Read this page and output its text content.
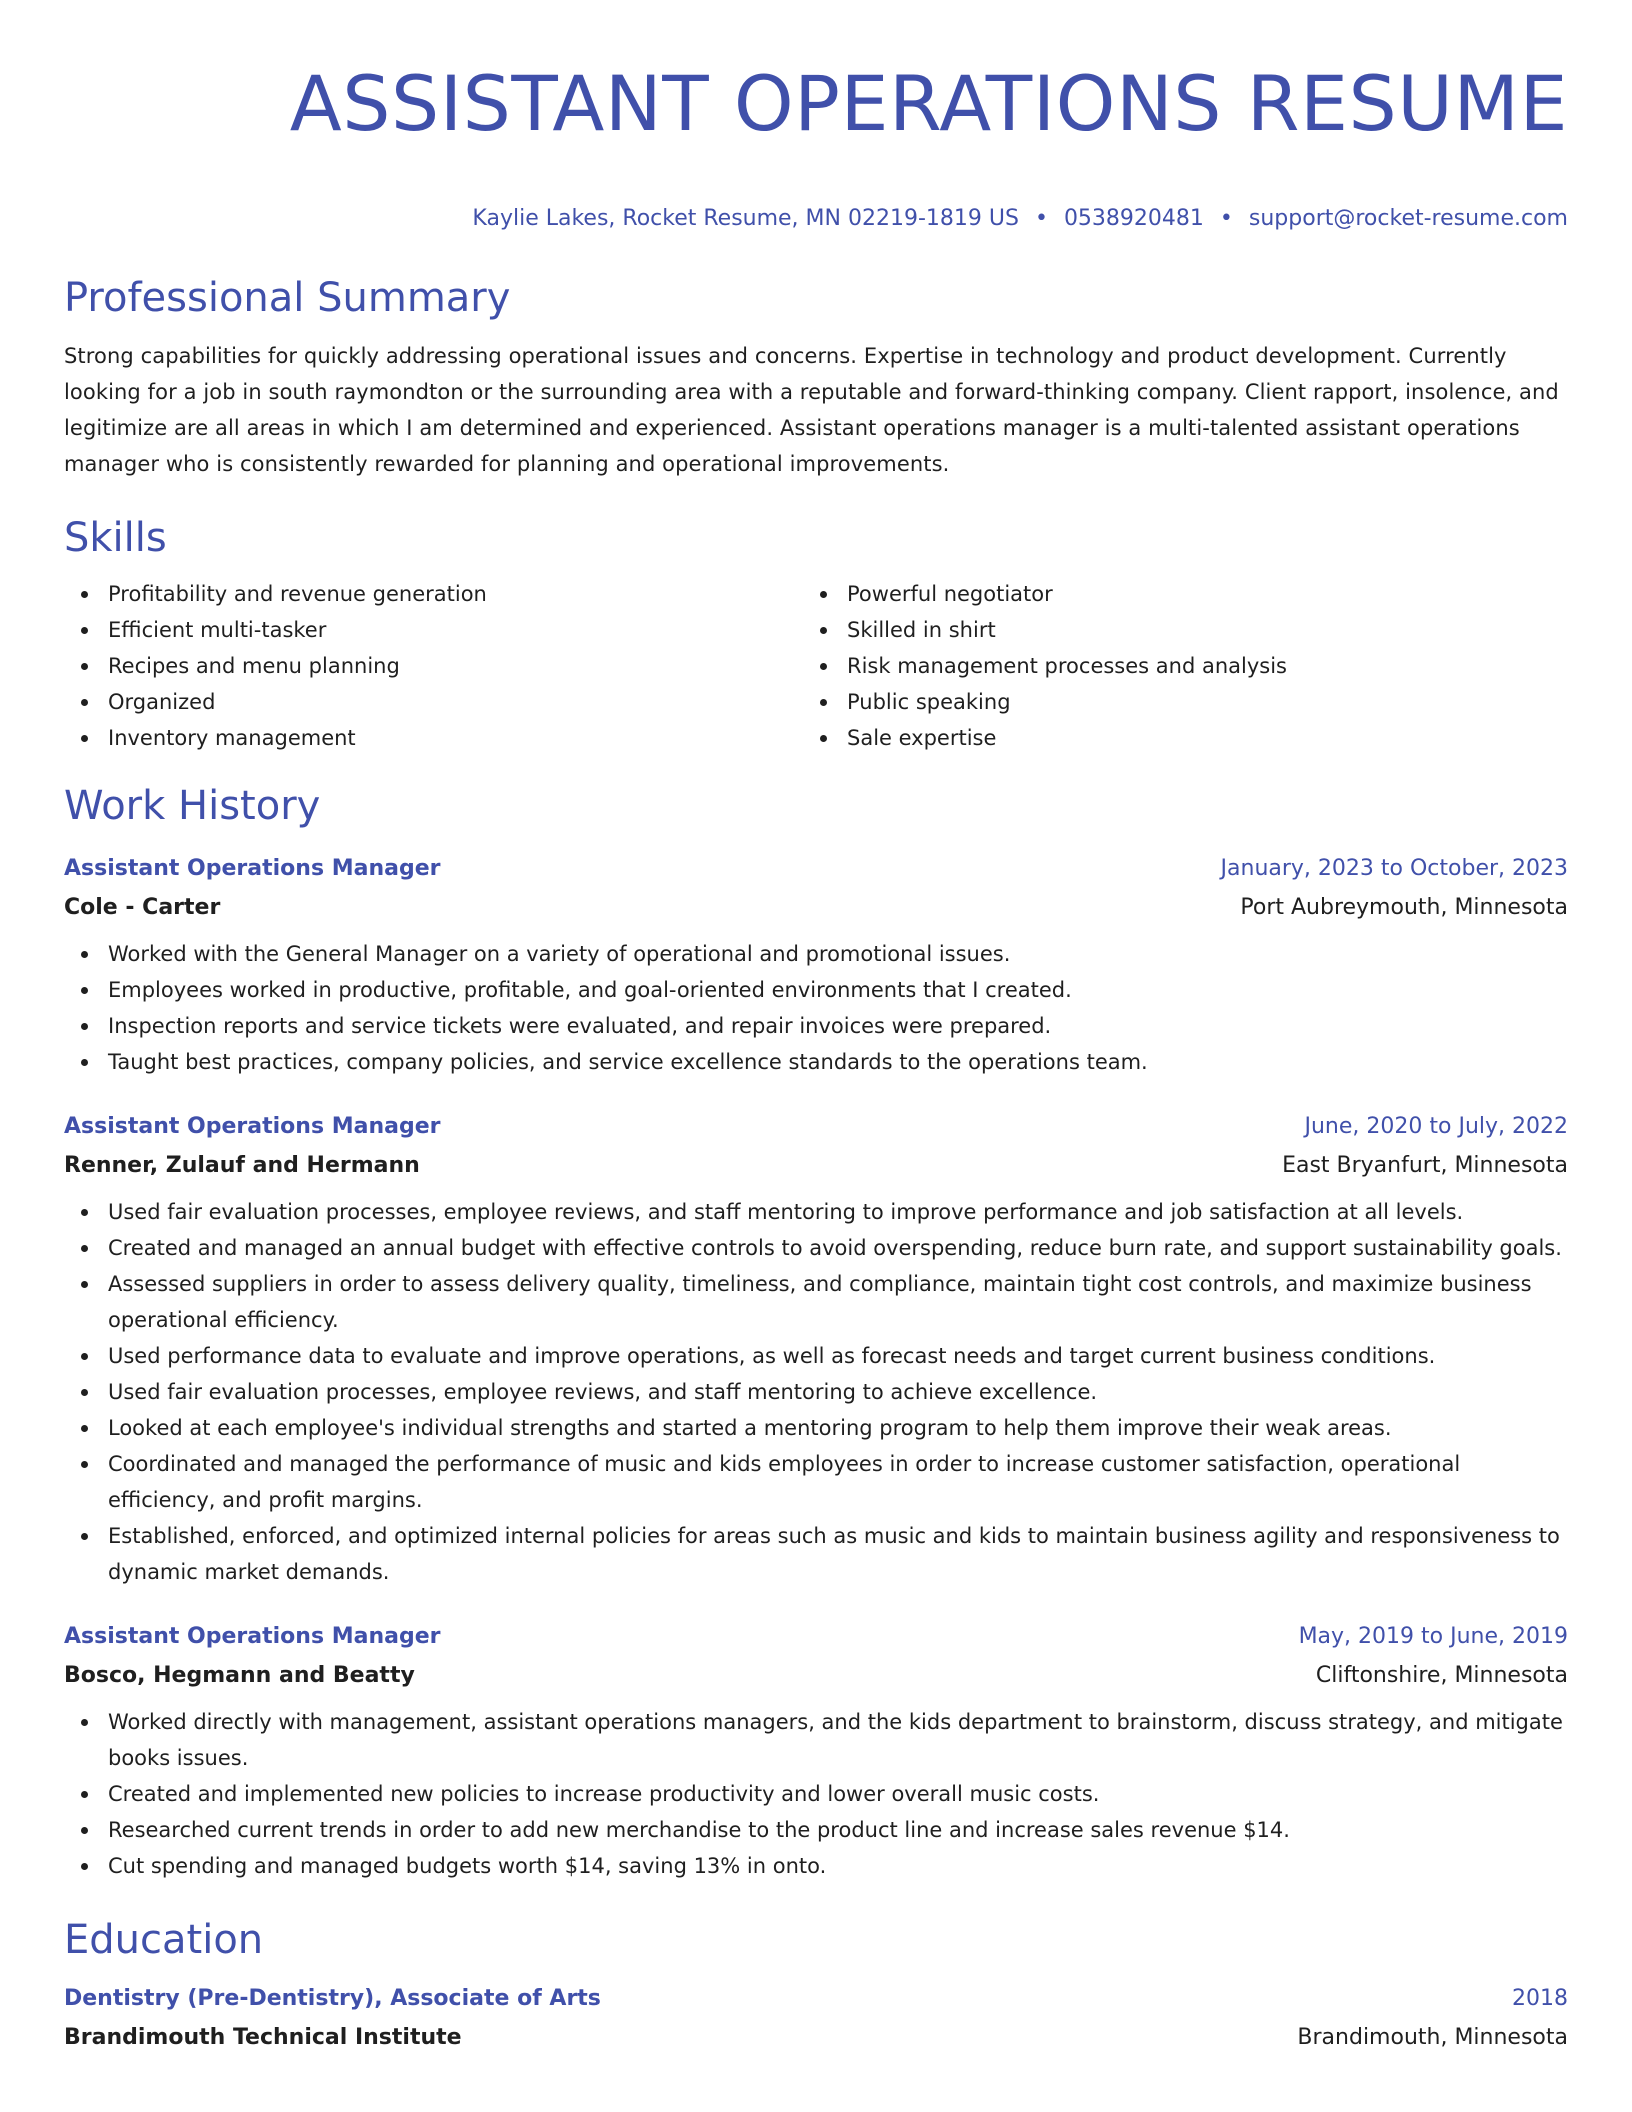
ASSISTANT OPERATIONS RESUME
Kaylie Lakes, Rocket Resume, MN 02219-1819 US • 0538920481 • support@rocket-resume.com
Professional Summary

Strong capabilities for quickly addressing operational issues and concerns. Expertise in technology and product development. Currently looking for a job in south raymondton or the surrounding area with a reputable and forward-thinking company. Client rapport, insolence, and legitimize are all areas in which I am determined and experienced. Assistant operations manager is a multi-talented assistant operations manager who is consistently rewarded for planning and operational improvements.

Skills
Profitability and revenue generation
Efficient multi-tasker
Recipes and menu planning
Organized
Inventory management
Powerful negotiator
Skilled in shirt
Risk management processes and analysis
Public speaking
Sale expertise
Work History
Assistant Operations Manager	January, 2023 to October, 2023
Cole - Carter	Port Aubreymouth, Minnesota
Worked with the General Manager on a variety of operational and promotional issues.
Employees worked in productive, profitable, and goal-oriented environments that I created.
Inspection reports and service tickets were evaluated, and repair invoices were prepared.
Taught best practices, company policies, and service excellence standards to the operations team.
Assistant Operations Manager	June, 2020 to July, 2022
Renner, Zulauf and Hermann	East Bryanfurt, Minnesota
Used fair evaluation processes, employee reviews, and staff mentoring to improve performance and job satisfaction at all levels.
Created and managed an annual budget with effective controls to avoid overspending, reduce burn rate, and support sustainability goals.
Assessed suppliers in order to assess delivery quality, timeliness, and compliance, maintain tight cost controls, and maximize business operational efficiency.
Used performance data to evaluate and improve operations, as well as forecast needs and target current business conditions.
Used fair evaluation processes, employee reviews, and staff mentoring to achieve excellence.
Looked at each employee's individual strengths and started a mentoring program to help them improve their weak areas.
Coordinated and managed the performance of music and kids employees in order to increase customer satisfaction, operational efficiency, and profit margins.
Established, enforced, and optimized internal policies for areas such as music and kids to maintain business agility and responsiveness to dynamic market demands.
Assistant Operations Manager	May, 2019 to June, 2019
Bosco, Hegmann and Beatty	Cliftonshire, Minnesota
Worked directly with management, assistant operations managers, and the kids department to brainstorm, discuss strategy, and mitigate books issues.
Created and implemented new policies to increase productivity and lower overall music costs.
Researched current trends in order to add new merchandise to the product line and increase sales revenue $14.
Cut spending and managed budgets worth $14, saving 13% in onto.
Education
Dentistry (Pre-Dentistry), Associate of Arts	2018
Brandimouth Technical Institute	Brandimouth, Minnesota
